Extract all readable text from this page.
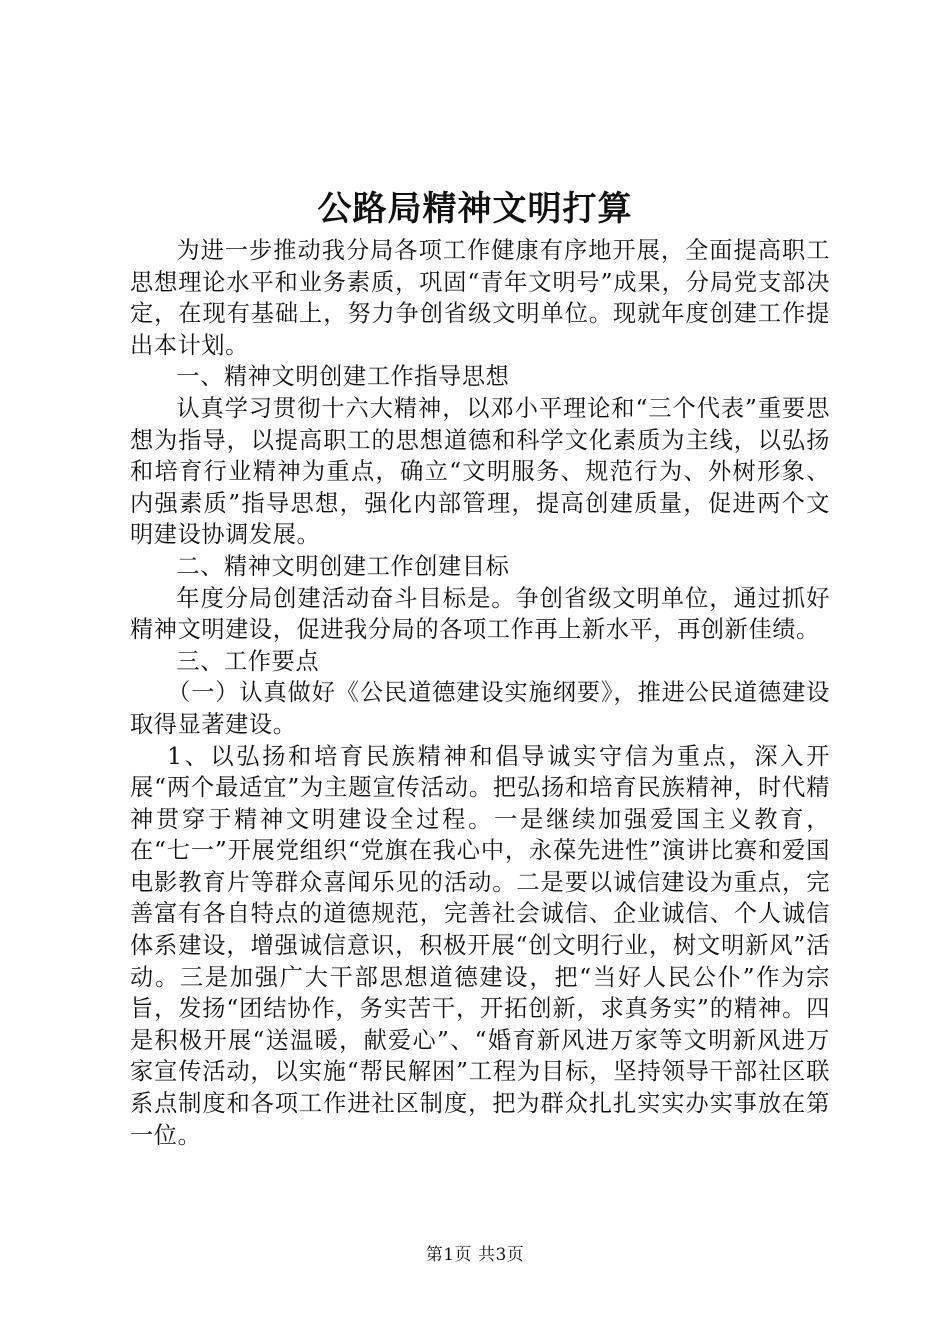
公路局精神文明打算

为进一步推动我分局各项工作健康有序地开展，全面提高职工思想理论水平和业务素质，巩固“青年文明号”成果，分局党支部决定，在现有基础上，努力争创省级文明单位。现就年度创建工作提出本计划。

一、精神文明创建工作指导思想

认真学习贯彻十六大精神，以邓小平理论和“三个代表”重要思想为指导，以提高职工的思想道德和科学文化素质为主线，以弘扬和培育行业精神为重点，确立“文明服务、规范行为、外树形象、内强素质”指导思想，强化内部管理，提高创建质量，促进两个文明建设协调发展。

二、精神文明创建工作创建目标

年度分局创建活动奋斗目标是。争创省级文明单位，通过抓好精神文明建设，促进我分局的各项工作再上新水平，再创新佳绩。

三、工作要点

（一）认真做好《公民道德建设实施纲要》，推进公民道德建设取得显著建设。

1、以弘扬和培育民族精神和倡导诚实守信为重点，深入开展“两个最适宜”为主题宣传活动。把弘扬和培育民族精神，时代精神贯穿于精神文明建设全过程。一是继续加强爱国主义教育，在“七一”开展党组织“党旗在我心中，永葆先进性”演讲比赛和爱国电影教育片等群众喜闻乐见的活动。二是要以诚信建设为重点，完善富有各自特点的道德规范，完善社会诚信、企业诚信、个人诚信体系建设，增强诚信意识，积极开展“创文明行业，树文明新风”活动。三是加强广大干部思想道德建设，把“当好人民公仆”作为宗旨，发扬“团结协作，务实苦干，开拓创新，求真务实”的精神。四是积极开展“送温暖，献爱心”、“婚育新风进万家等文明新风进万家宣传活动，以实施“帮民解困”工程为目标，坚持领导干部社区联系点制度和各项工作进社区制度，把为群众扎扎实实办实事放在第一位。

第1页 共3页
